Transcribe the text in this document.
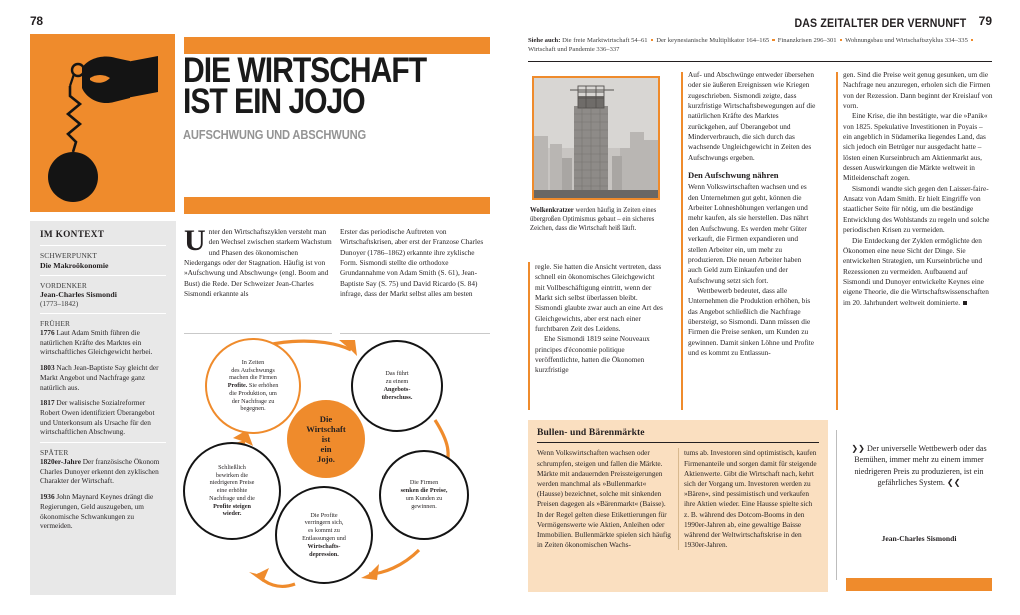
78
DIE WIRTSCHAFT
IST EIN JOJO
AUFSCHWUNG UND ABSCHWUNG
IM KONTEXT

SCHWERPUNKT

Die Makroökonomie

VORDENKER

Jean-Charles Sismondi

(1773–1842)

FRÜHER

1776 Laut Adam Smith führen die natürlichen Kräfte des Marktes ein wirtschaftliches Gleichgewicht herbei.

1803 Nach Jean-Baptiste Say gleicht der Markt Angebot und Nachfrage ganz natürlich aus.

1817 Der walisische Sozialreformer Robert Owen identifiziert Überangebot und Unterkonsum als Ursache für den wirtschaftlichen Abschwung.

SPÄTER

1820er-Jahre Der französische Ökonom Charles Dunoyer erkennt den zyklischen Charakter der Wirtschaft.

1936 John Maynard Keynes drängt die Regierungen, Geld auszugeben, um ökonomische Schwankungen zu vermeiden.

Unter den Wirtschaftszyklen versteht man den Wechsel zwischen starkem Wachstum und Phasen des ökonomischen Niedergangs oder der Stagnation. Häufig ist von »Aufschwung und Abschwung« (engl. Boom and Bust) die Rede. Der Schweizer Jean-Charles Sismondi erkannte als
Erster das periodische Auftreten von Wirtschaftskrisen, aber erst der Franzose Charles Dunoyer (1786–1862) erkannte ihre zyklische Form. Sismondi stellte die orthodoxe Grundannahme von Adam Smith (S. 61), Jean-Baptiste Say (S. 75) und David Ricardo (S. 84) infrage, dass der Markt selbst alles am besten
In Zeiten
des Aufschwungs
machen die Firmen
Profite. Sie erhöhen
die Produktion, um
der Nachfrage zu
begegnen.
Das führt
zu einem
Angebots-
überschuss.
Die Firmen
senken die Preise,
um Kunden zu
gewinnen.
Die Profite
verringern sich,
es kommt zu
Entlassungen und
Wirtschafts-
depression.
Schließlich
bewirken die
niedrigeren Preise
eine erhöhte
Nachfrage und die
Profite steigen
wieder.
Die
Wirtschaft
ist
ein
Jojo.
DAS ZEITALTER DER VERNUNFT 79
Siehe auch: Die freie Marktwirtschaft 54–61 Der keynesianische Multiplikator 164–165 Finanzkrisen 296–301 Wohnungsbau und Wirtschaftszyklus 334–335Wirtschaft und Pandemie 336–337
Wolkenkratzer werden häufig in Zeiten eines übergroßen Optimismus gebaut – ein sicheres Zeichen, dass die Wirtschaft heiß läuft.

regle. Sie hatten die Ansicht vertreten, dass schnell ein ökonomisches Gleichgewicht mit Vollbeschäftigung eintritt, wenn der Markt sich selbst überlassen bleibt. Sismondi glaubte zwar auch an eine Art des Gleichgewichts, aber erst nach einer furchtbaren Zeit des Leidens.

Ehe Sismondi 1819 seine Nouveaux principes d'économie politique veröffentlichte, hatten die Ökonomen kurzfristige

Auf- und Abschwünge entweder übersehen oder sie äußeren Ereignissen wie Kriegen zugeschrieben. Sismondi zeigte, dass kurzfristige Wirtschaftsbewegungen auf die natürlichen Kräfte des Marktes zurückgehen, auf Überangebot und Minderverbrauch, die sich durch das wachsende Ungleichgewicht in Zeiten des Aufschwungs ergeben.

Den Aufschwung nähren

Wenn Volkswirtschaften wachsen und es den Unternehmen gut geht, können die Arbeiter Lohneshöhungen verlangen und mehr kaufen, als sie herstellen. Das nährt den Aufschwung. Es werden mehr Güter verkauft, die Firmen expandieren und stellen Arbeiter ein, um mehr zu produzieren. Die neuen Arbeiter haben auch Geld zum Einkaufen und der Aufschwung setzt sich fort.

Wettbewerb bedeutet, dass alle Unternehmen die Produktion erhöhen, bis das Angebot schließlich die Nachfrage übersteigt, so Sismondi. Dann müssen die Firmen die Preise senken, um Kunden zu gewinnen. Damit sinken Löhne und Profite und es kommt zu Entlassun-

gen. Sind die Preise weit genug gesunken, um die Nachfrage neu anzuregen, erholen sich die Firmen von der Rezession. Dann beginnt der Kreislauf von vorn.

Eine Krise, die ihn bestätigte, war die »Panik« von 1825. Spekulative Investitionen in Poyais – ein angeblich in Südamerika liegendes Land, das sich jedoch ein Betrüger nur ausgedacht hatte – lösten einen Kurseinbruch am Aktienmarkt aus, dessen Auswirkungen die Märkte weltweit in Mitleidenschaft zogen.

Sismondi wandte sich gegen den Laisser-faire-Ansatz von Adam Smith. Er hielt Eingriffe von staatlicher Seite für nötig, um die beständige Entwicklung des Wohlstands zu regeln und solche periodischen Krisen zu vermeiden.

Die Entdeckung der Zyklen ermöglichte den Ökonomen eine neue Sicht der Dinge. Sie entwickelten Strategien, um Kurseinbrüche und Rezessionen zu vermeiden. Aufbauend auf Sismondi und Dunoyer entwickelte Keynes eine eigene Theorie, die die Wirtschaftswissenschaften im 20. Jahrhundert weltweit dominierte.

Bullen- und Bärenmärkte

Wenn Volkswirtschaften wachsen oder schrumpfen, steigen und fallen die Märkte. Märkte mit andauernden Preissteigerungen werden manchmal als »Bullenmarkt« (Hausse) bezeichnet, solche mit sinkenden Preisen dagegen als »Bärenmarkt« (Baisse). In der Regel gelten diese Etikettierungen für Vermögenswerte wie Aktien, Anleihen oder Immobilien. Bullenmärkte spielen sich häufig in Zeiten ökonomischen Wachs-

tums ab. Investoren sind optimistisch, kaufen Firmenanteile und sorgen damit für steigende Aktienwerte. Gibt die Wirtschaft nach, kehrt sich der Vorgang um. Investoren werden zu »Bären«, sind pessimistisch und verkaufen ihre Aktien wieder. Eine Hausse spielte sich z. B. während des Dotcom-Booms in den 1990er-Jahren ab, eine gewaltige Baisse während der Weltwirtschaftskrise in den 1930er-Jahren.

❯❯ Der universelle Wettbewerb oder das Bemühen, immer mehr zu einem immer niedrigeren Preis zu produzieren, ist ein gefährliches System. ❮❮
Jean-Charles Sismondi
